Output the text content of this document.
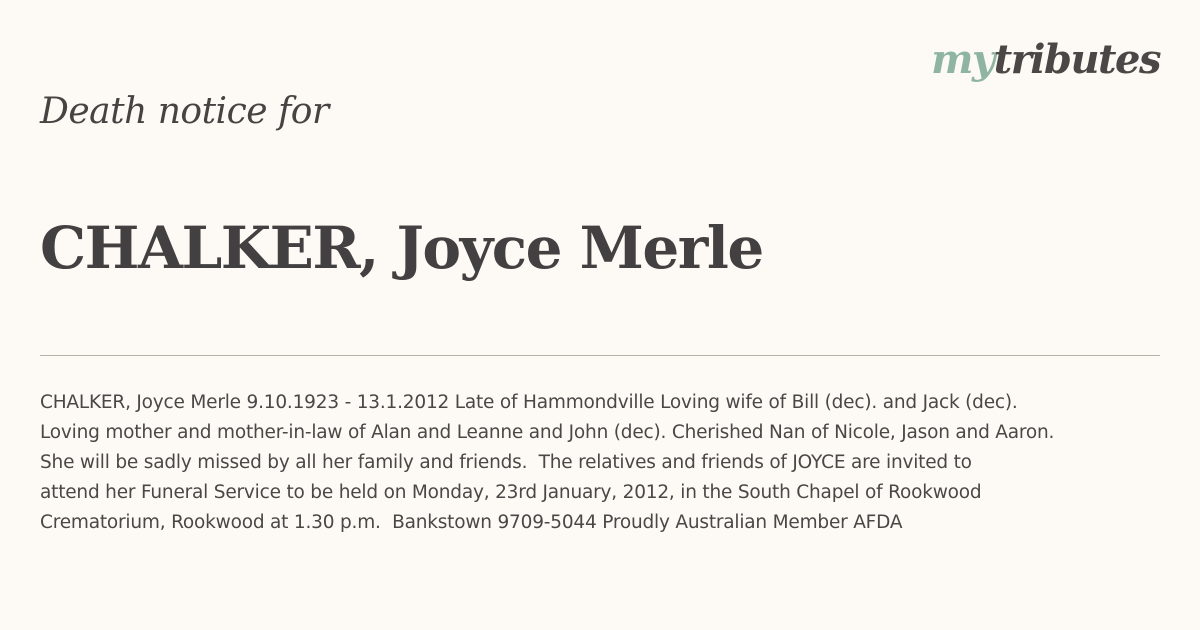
mytributes
Death notice for
CHALKER, Joyce Merle
CHALKER, Joyce Merle 9.10.1923 - 13.1.2012 Late of Hammondville Loving wife of Bill (dec). and Jack (dec).
Loving mother and mother-in-law of Alan and Leanne and John (dec). Cherished Nan of Nicole, Jason and Aaron.
She will be sadly missed by all her family and friends.  The relatives and friends of JOYCE are invited to
attend her Funeral Service to be held on Monday, 23rd January, 2012, in the South Chapel of Rookwood
Crematorium, Rookwood at 1.30 p.m.  Bankstown 9709-5044 Proudly Australian Member AFDA
